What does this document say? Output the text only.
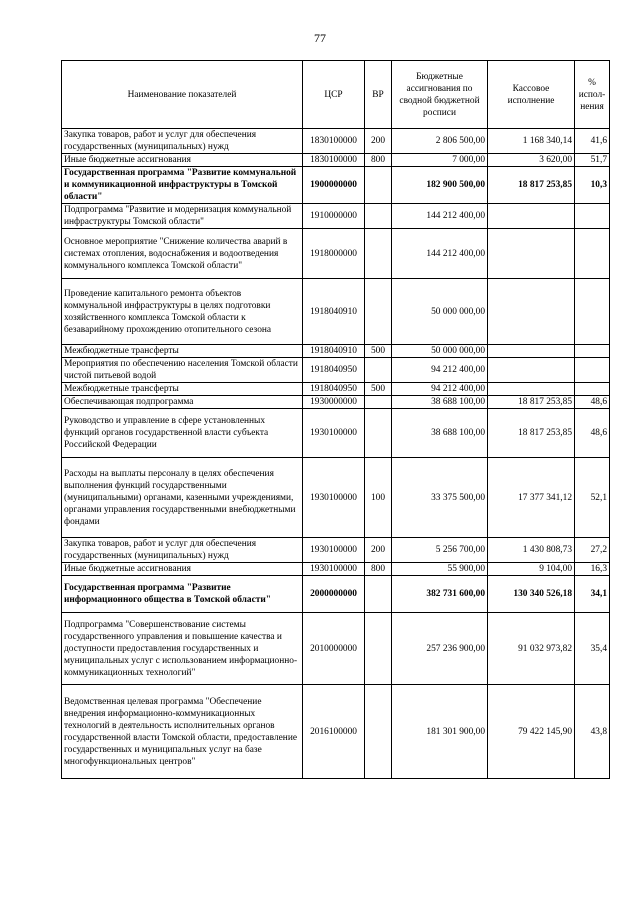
77
Наименование показателей	ЦСР	ВР	Бюджетные ассигнования по сводной бюджетной росписи	Кассовое исполнение	% испол-нения
Закупка товаров, работ и услуг для обеспечения государственных (муниципальных) нужд	1830100000	200	2 806 500,00	1 168 340,14	41,6
Иные бюджетные ассигнования	1830100000	800	7 000,00	3 620,00	51,7
Государственная программа "Развитие коммунальной и коммуникационной инфраструктуры в Томской области"	1900000000		182 900 500,00	18 817 253,85	10,3
Подпрограмма "Развитие и модернизация коммунальной инфраструктуры Томской области"	1910000000		144 212 400,00		
Основное мероприятие "Снижение количества аварий в системах отопления, водоснабжения и водоотведения коммунального комплекса Томской области"	1918000000		144 212 400,00		
Проведение капитального ремонта объектов коммунальной инфраструктуры в целях подготовки хозяйственного комплекса Томской области к безаварийному прохождению отопительного сезона	1918040910		50 000 000,00		
Межбюджетные трансферты	1918040910	500	50 000 000,00		
Мероприятия по обеспечению населения Томской области чистой питьевой водой	1918040950		94 212 400,00		
Межбюджетные трансферты	1918040950	500	94 212 400,00		
Обеспечивающая подпрограмма	1930000000		38 688 100,00	18 817 253,85	48,6
Руководство и управление в сфере установленных функций органов государственной власти субъекта Российской Федерации	1930100000		38 688 100,00	18 817 253,85	48,6
Расходы на выплаты персоналу в целях обеспечения выполнения функций государственными (муниципальными) органами, казенными учреждениями, органами управления государственными внебюджетными фондами	1930100000	100	33 375 500,00	17 377 341,12	52,1
Закупка товаров, работ и услуг для обеспечения государственных (муниципальных) нужд	1930100000	200	5 256 700,00	1 430 808,73	27,2
Иные бюджетные ассигнования	1930100000	800	55 900,00	9 104,00	16,3
Государственная программа "Развитие информационного общества в Томской области"	2000000000		382 731 600,00	130 340 526,18	34,1
Подпрограмма "Совершенствование системы государственного управления и повышение качества и доступности предоставления государственных и муниципальных услуг с использованием информационно-коммуникационных технологий"	2010000000		257 236 900,00	91 032 973,82	35,4
Ведомственная целевая программа "Обеспечение внедрения информационно-коммуникационных технологий в деятельность исполнительных органов государственной власти Томской области, предоставление государственных и муниципальных услуг на базе многофункциональных центров"	2016100000		181 301 900,00	79 422 145,90	43,8
